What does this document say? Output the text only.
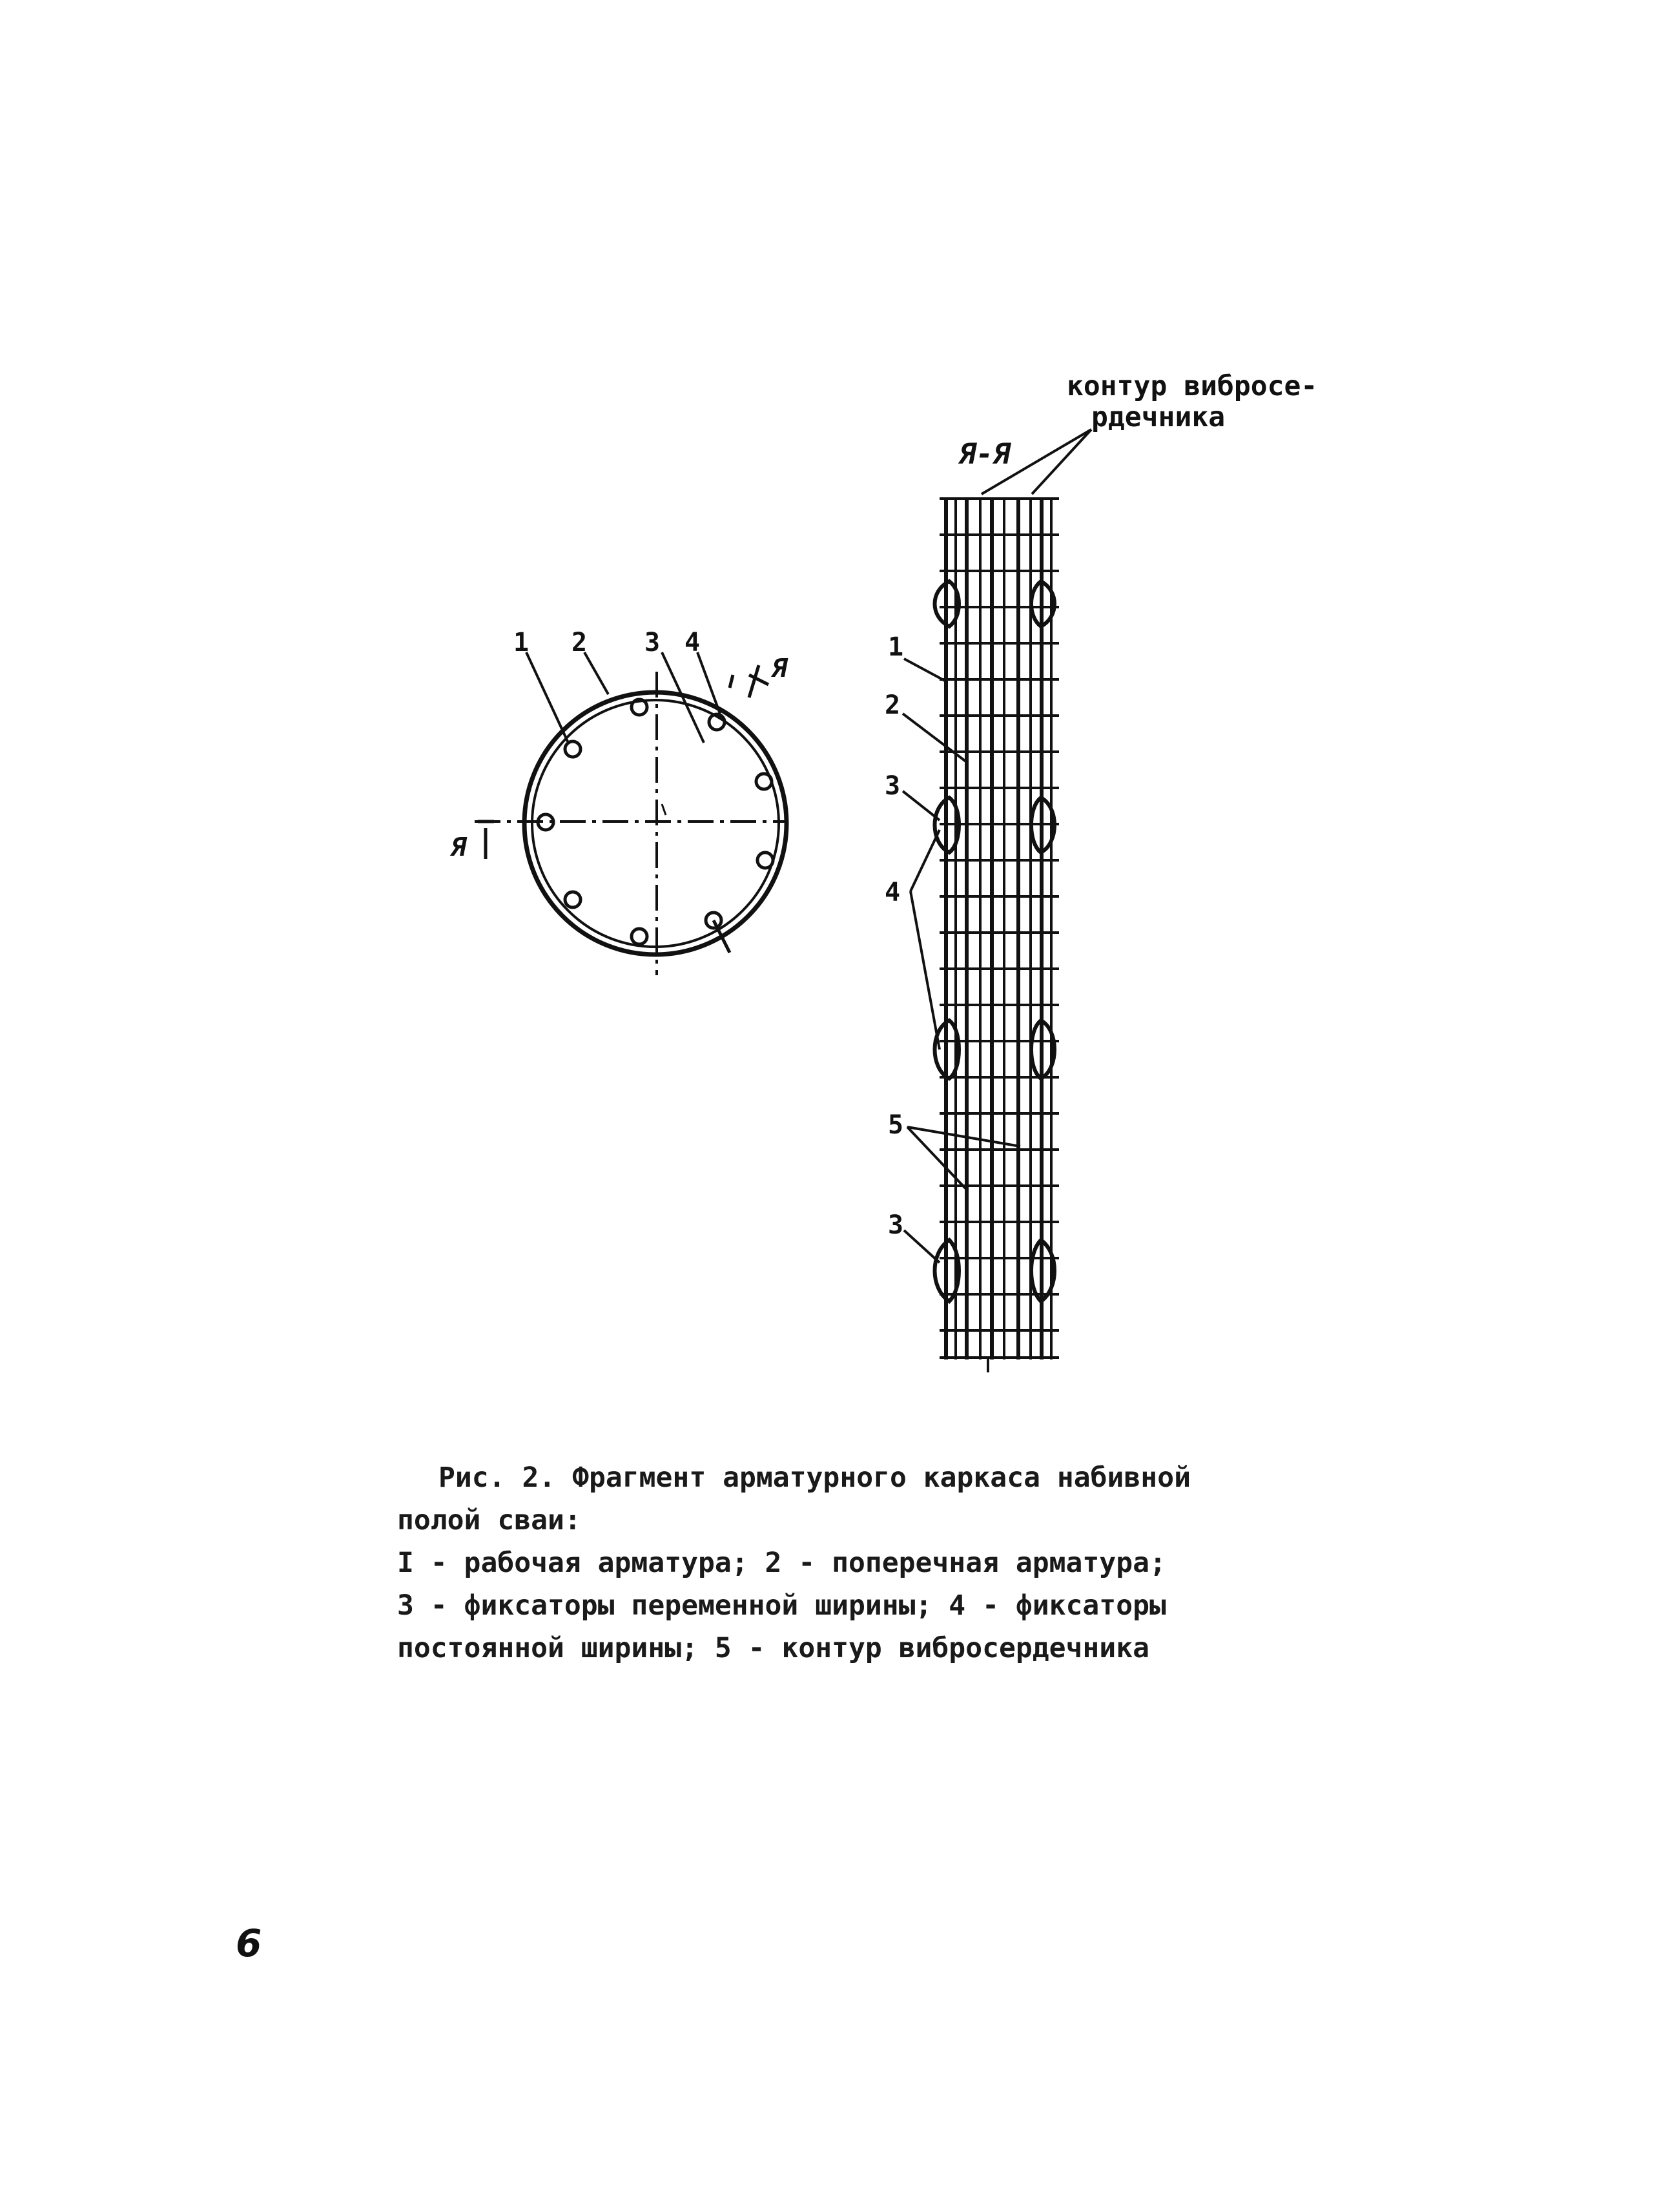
1 2 3 4
Я
Я
Я-Я
контур вибросе-
рдечника
1
2
3
4
5
3
Рис. 2. Фрагмент арматурного каркаса набивной
полой сваи:
I - рабочая арматура; 2 - поперечная арматура;
З - фиксаторы переменной ширины; 4 - фиксаторы
постоянной ширины; 5 - контур вибросердечника
6
